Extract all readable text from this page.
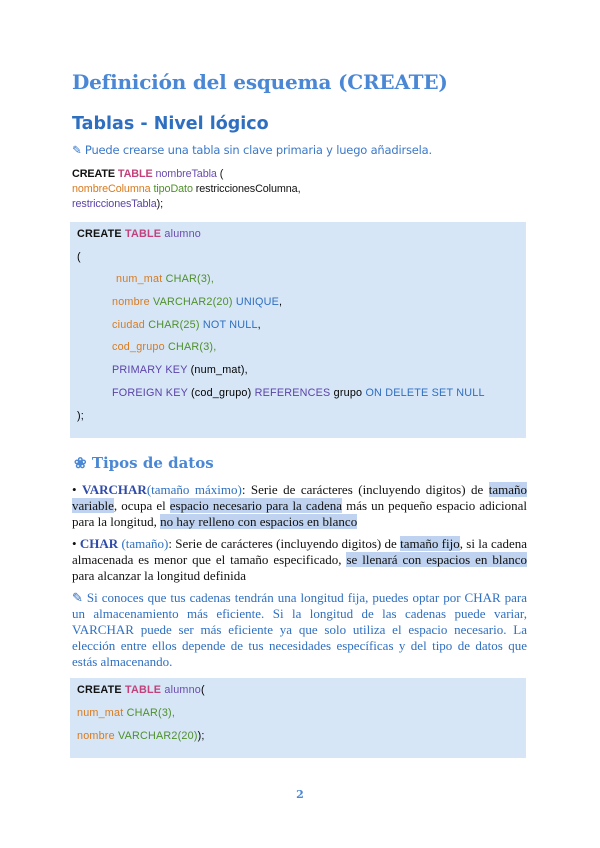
Definición del esquema (CREATE)
Tablas - Nivel lógico
✎ Puede crearse una tabla sin clave primaria y luego añadirsela.
CREATE TABLE nombreTabla (
nombreColumna tipoDato restriccionesColumna,
restriccionesTabla);
CREATE TABLE alumno
(
num_mat CHAR(3),
nombre VARCHAR2(20) UNIQUE,
ciudad CHAR(25) NOT NULL,
cod_grupo CHAR(3),
PRIMARY KEY (num_mat),
FOREIGN KEY (cod_grupo) REFERENCES grupo ON DELETE SET NULL
);
❀ Tipos de datos
• VARCHAR(tamaño máximo): Serie de carácteres (incluyendo digitos) de tamaño variable, ocupa el espacio necesario para la cadena más un pequeño espacio adicional para la longitud, no hay relleno con espacios en blanco
• CHAR (tamaño): Serie de carácteres (incluyendo digitos) de tamaño fijo, si la cadena almacenada es menor que el tamaño especificado, se llenará con espacios en blanco para alcanzar la longitud definida
✎ Si conoces que tus cadenas tendrán una longitud fija, puedes optar por CHAR para un almacenamiento más eficiente. Si la longitud de las cadenas puede variar, VARCHAR puede ser más eficiente ya que solo utiliza el espacio necesario. La elección entre ellos depende de tus necesidades específicas y del tipo de datos que estás almacenando.
CREATE TABLE alumno(
num_mat CHAR(3),
nombre VARCHAR2(20));
2
